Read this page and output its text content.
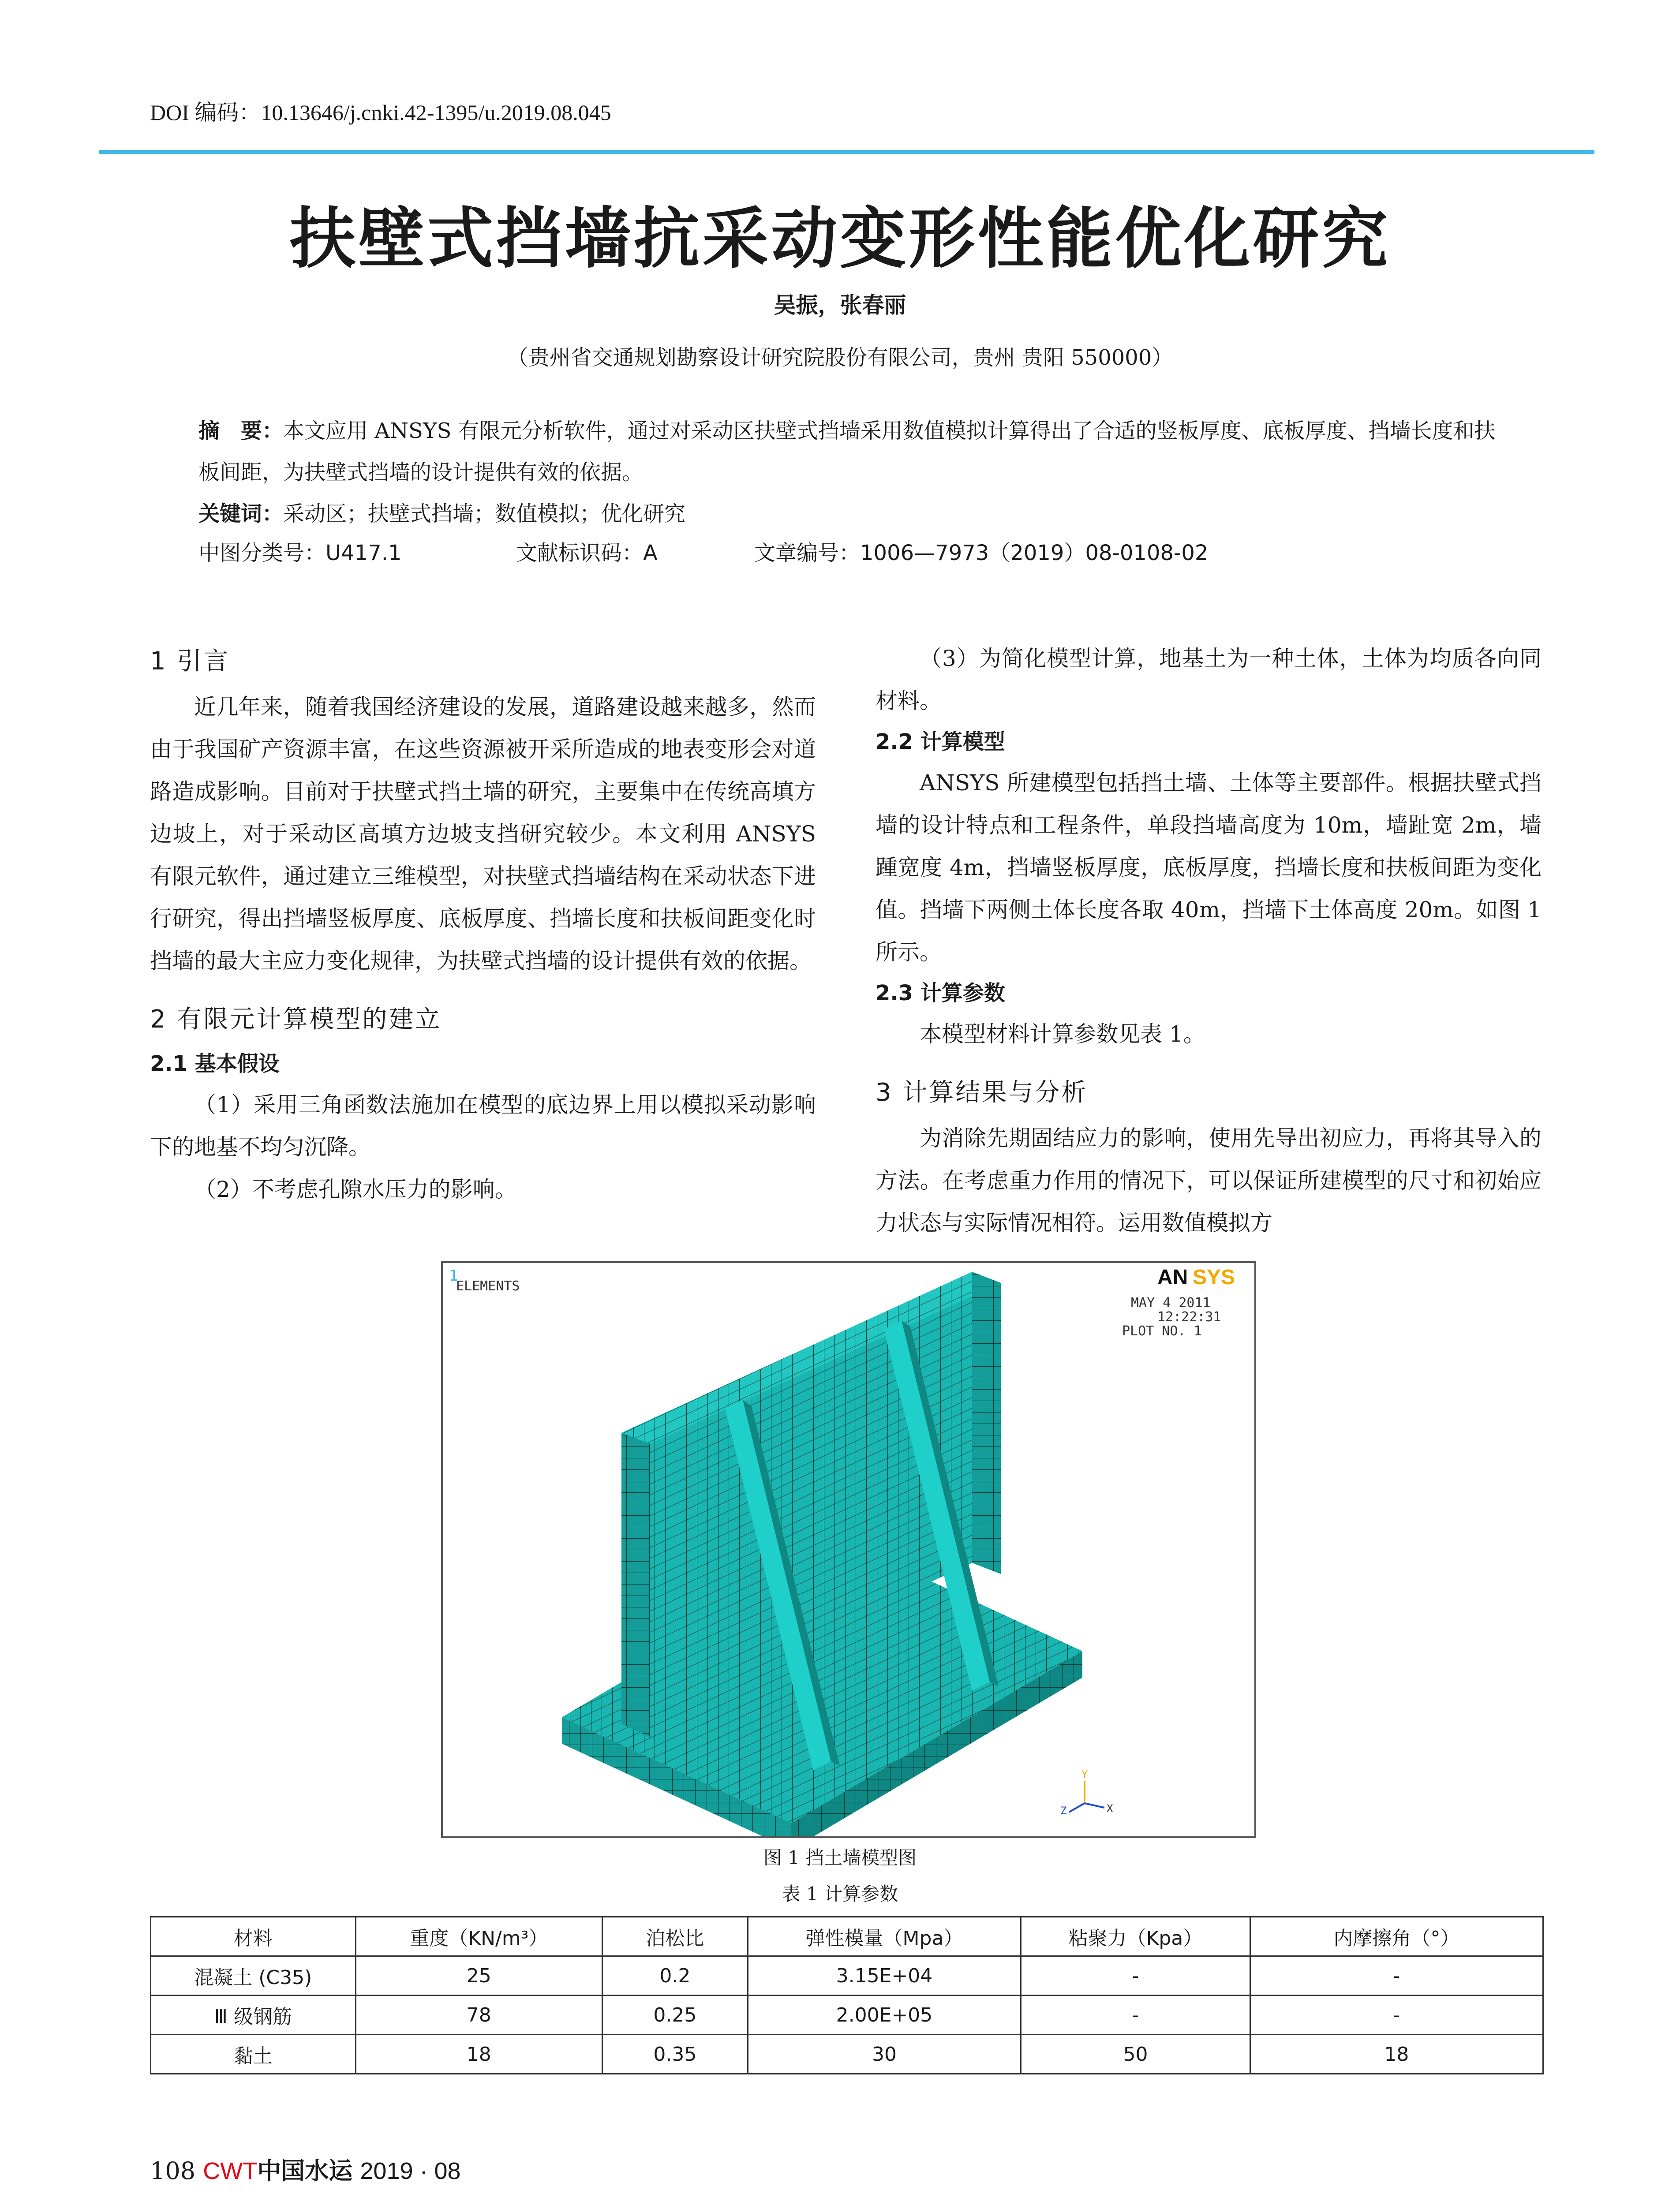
DOI 编码：10.13646/j.cnki.42-1395/u.2019.08.045
扶壁式挡墙抗采动变形性能优化研究
吴振，张春丽
（贵州省交通规划勘察设计研究院股份有限公司，贵州 贵阳 550000）
摘　要：本文应用 ANSYS 有限元分析软件，通过对采动区扶壁式挡墙采用数值模拟计算得出了合适的竖板厚度、底板厚度、挡墙长度和扶板间距，为扶壁式挡墙的设计提供有效的依据。
关键词：采动区；扶壁式挡墙；数值模拟；优化研究
中图分类号：U417.1	文献标识码：A	文章编号：1006—7973（2019）08-0108-02
1 引言

近几年来，随着我国经济建设的发展，道路建设越来越多，然而由于我国矿产资源丰富，在这些资源被开采所造成的地表变形会对道路造成影响。目前对于扶壁式挡土墙的研究，主要集中在传统高填方边坡上，对于采动区高填方边坡支挡研究较少。本文利用 ANSYS 有限元软件，通过建立三维模型，对扶壁式挡墙结构在采动状态下进行研究，得出挡墙竖板厚度、底板厚度、挡墙长度和扶板间距变化时挡墙的最大主应力变化规律，为扶壁式挡墙的设计提供有效的依据。

2 有限元计算模型的建立
2.1 基本假设

（1）采用三角函数法施加在模型的底边界上用以模拟采动影响下的地基不均匀沉降。

（2）不考虑孔隙水压力的影响。

（3）为简化模型计算，地基土为一种土体，土体为均质各向同材料。

2.2 计算模型

ANSYS 所建模型包括挡土墙、土体等主要部件。根据扶壁式挡墙的设计特点和工程条件，单段挡墙高度为 10m，墙趾宽 2m，墙踵宽度 4m，挡墙竖板厚度，底板厚度，挡墙长度和扶板间距为变化值。挡墙下两侧土体长度各取 40m，挡墙下土体高度 20m。如图 1 所示。

2.3 计算参数

本模型材料计算参数见表 1。

3 计算结果与分析

为消除先期固结应力的影响，使用先导出初应力，再将其导入的方法。在考虑重力作用的情况下，可以保证所建模型的尺寸和初始应力状态与实际情况相符。运用数值模拟方

1
ELEMENTS	AN SYS
MAY 4 2011
12:22:31
PLOT NO. 1
Y
Z	X
图 1 挡土墙模型图
表 1 计算参数
材料	重度（KN/m³）	泊松比	弹性模量（Mpa）	粘聚力（Kpa）	内摩擦角（°）
混凝土 (C35)	25	0.2	3.15E+04	-	-
Ⅲ 级钢筋	78	0.25	2.00E+05	-	-
黏土	18	0.35	30	50	18
108 CWT中国水运 2019 · 08
